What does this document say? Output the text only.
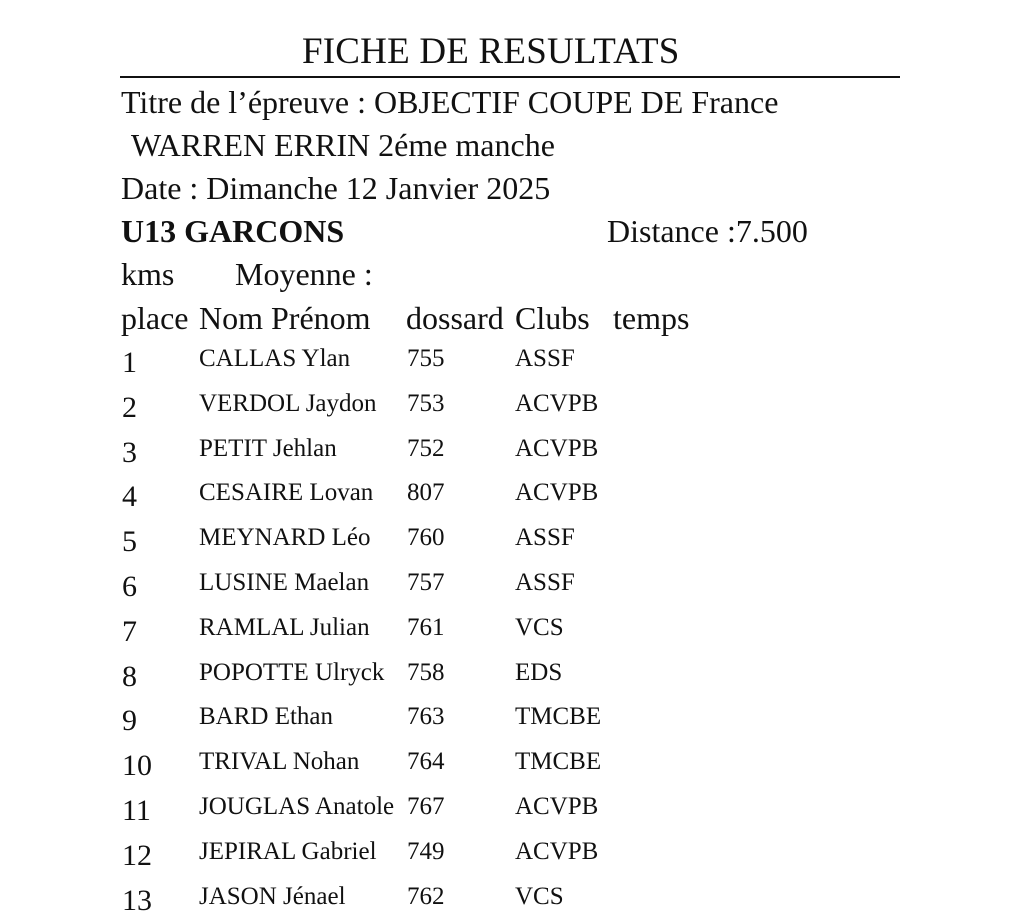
FICHE DE RESULTATS
Titre de l’épreuve : OBJECTIF COUPE DE France
WARREN ERRIN 2éme manche
Date : Dimanche 12 Janvier 2025
U13 GARCONS	Distance :7.500
kms Moyenne :
place Nom Prénom dossard Clubs temps
1 CALLAS Ylan 755	ASSF
2 VERDOL Jaydon 753	ACVPB
3 PETIT Jehlan	752	ACVPB
4 CESAIRE Lovan 807	ACVPB
5 MEYNARD Léo 760	ASSF
6 LUSINE Maelan 757	ASSF
7 RAMLAL Julian 761	VCS
8 POPOTTE Ulryck 758	EDS
9 BARD Ethan	763	TMCBE
10 TRIVAL Nohan 764	TMCBE
11 JOUGLAS Anatole 767	ACVPB
12 JEPIRAL Gabriel 749	ACVPB
13 JASON Jénael 762	VCS
